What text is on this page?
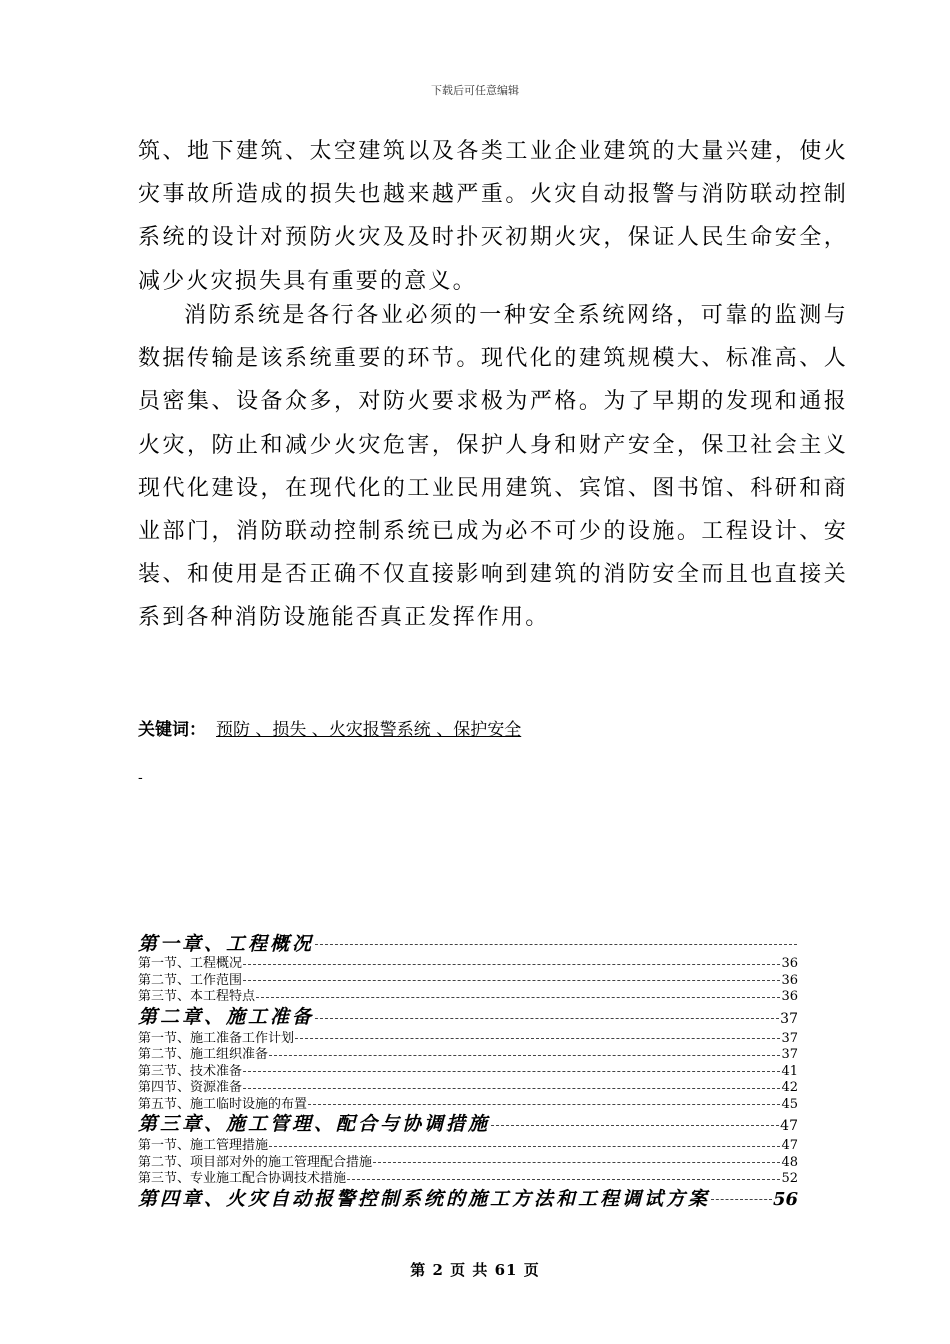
下载后可任意编辑

筑、地下建筑、太空建筑以及各类工业企业建筑的大量兴建，使火灾事故所造成的损失也越来越严重。火灾自动报警与消防联动控制系统的设计对预防火灾及及时扑灭初期火灾，保证人民生命安全，减少火灾损失具有重要的意义。

消防系统是各行各业必须的一种安全系统网络，可靠的监测与数据传输是该系统重要的环节。现代化的建筑规模大、标准高、人员密集、设备众多，对防火要求极为严格。为了早期的发现和通报火灾，防止和减少火灾危害，保护人身和财产安全，保卫社会主义现代化建设，在现代化的工业民用建筑、宾馆、图书馆、科研和商业部门，消防联动控制系统已成为必不可少的设施。工程设计、安装、和使用是否正确不仅直接影响到建筑的消防安全而且也直接关系到各种消防设施能否真正发挥作用。

关键词： 预防 、损失 、火灾报警系统 、保护安全
-
第一章、工程概况
第一节、工程概况	36
第二节、工作范围	36
第三节、本工程特点	36
第二章、施工准备	37
第一节、施工准备工作计划	37
第二节、施工组织准备	37
第三节、技术准备	41
第四节、资源准备	42
第五节、施工临时设施的布置	45
第三章、施工管理、配合与协调措施	47
第一节、施工管理措施	47
第二节、项目部对外的施工管理配合措施	48
第三节、专业施工配合协调技术措施	52
第四章、火灾自动报警控制系统的施工方法和工程调试方案	56
第 2 页 共 61 页
